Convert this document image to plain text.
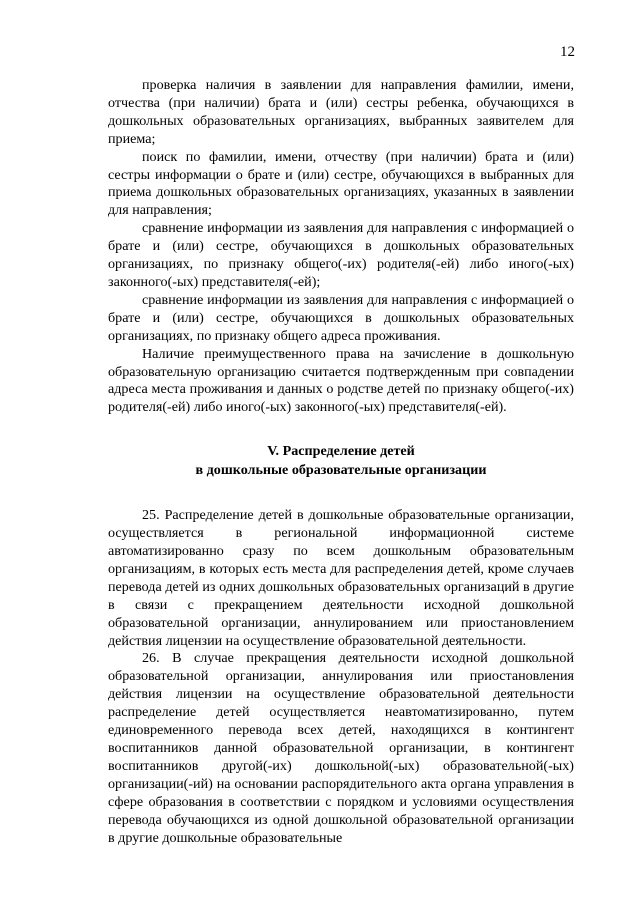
12

проверка наличия в заявлении для направления фамилии, имени, отчества (при наличии) брата и (или) сестры ребенка, обучающихся в дошкольных образовательных организациях, выбранных заявителем для приема;

поиск по фамилии, имени, отчеству (при наличии) брата и (или) сестры информации о брате и (или) сестре, обучающихся в выбранных для приема дошкольных образовательных организациях, указанных в заявлении для направления;

сравнение информации из заявления для направления с информацией о брате и (или) сестре, обучающихся в дошкольных образовательных организациях, по признаку общего(-их) родителя(-ей) либо иного(-ых) законного(-ых) представителя(-ей);

сравнение информации из заявления для направления с информацией о брате и (или) сестре, обучающихся в дошкольных образовательных организациях, по признаку общего адреса проживания.

Наличие преимущественного права на зачисление в дошкольную образовательную организацию считается подтвержденным при совпадении адреса места проживания и данных о родстве детей по признаку общего(-их) родителя(-ей) либо иного(-ых) законного(-ых) представителя(-ей).

V. Распределение детей
в дошкольные образовательные организации

25. Распределение детей в дошкольные образовательные организации, осуществляется в региональной информационной системе автоматизированно сразу по всем дошкольным образовательным организациям, в которых есть места для распределения детей, кроме случаев перевода детей из одних дошкольных образовательных организаций в другие в связи с прекращением деятельности исходной дошкольной образовательной организации, аннулированием или приостановлением действия лицензии на осуществление образовательной деятельности.

26. В случае прекращения деятельности исходной дошкольной образовательной организации, аннулирования или приостановления действия лицензии на осуществление образовательной деятельности распределение детей осуществляется неавтоматизированно, путем единовременного перевода всех детей, находящихся в контингент воспитанников данной образовательной организации, в контингент воспитанников другой(-их) дошкольной(-ых) образовательной(-ых) организации(-ий) на основании распорядительного акта органа управления в сфере образования в соответствии с порядком и условиями осуществления перевода обучающихся из одной дошкольной образовательной организации в другие дошкольные образовательные
